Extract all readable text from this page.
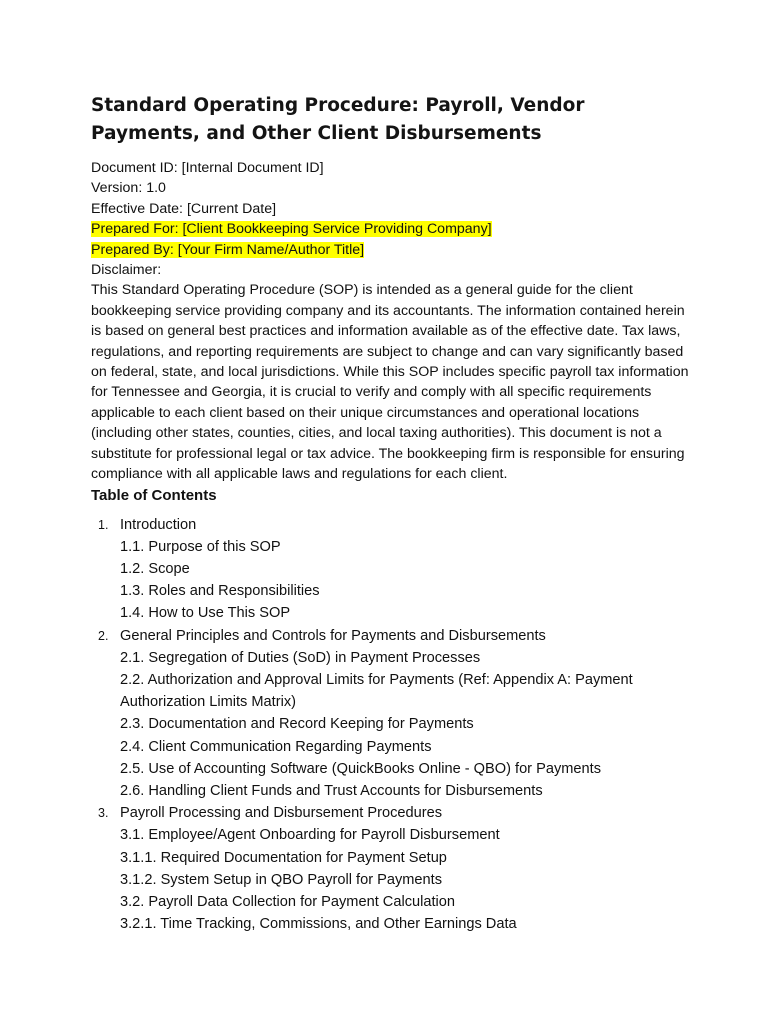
Standard Operating Procedure: Payroll, Vendor Payments, and Other Client Disbursements

Document ID: [Internal Document ID]

Version: 1.0

Effective Date: [Current Date]

Prepared For: [Client Bookkeeping Service Providing Company]

Prepared By: [Your Firm Name/Author Title]

Disclaimer:

This Standard Operating Procedure (SOP) is intended as a general guide for the client bookkeeping service providing company and its accountants. The information contained herein is based on general best practices and information available as of the effective date. Tax laws, regulations, and reporting requirements are subject to change and can vary significantly based on federal, state, and local jurisdictions. While this SOP includes specific payroll tax information for Tennessee and Georgia, it is crucial to verify and comply with all specific requirements applicable to each client based on their unique circumstances and operational locations (including other states, counties, cities, and local taxing authorities). This document is not a substitute for professional legal or tax advice. The bookkeeping firm is responsible for ensuring compliance with all applicable laws and regulations for each client.

Table of Contents
1. Introduction
1.1. Purpose of this SOP
1.2. Scope
1.3. Roles and Responsibilities
1.4. How to Use This SOP
2. General Principles and Controls for Payments and Disbursements
2.1. Segregation of Duties (SoD) in Payment Processes
2.2. Authorization and Approval Limits for Payments (Ref: Appendix A: Payment Authorization Limits Matrix)
2.3. Documentation and Record Keeping for Payments
2.4. Client Communication Regarding Payments
2.5. Use of Accounting Software (QuickBooks Online - QBO) for Payments
2.6. Handling Client Funds and Trust Accounts for Disbursements
3. Payroll Processing and Disbursement Procedures
3.1. Employee/Agent Onboarding for Payroll Disbursement
3.1.1. Required Documentation for Payment Setup
3.1.2. System Setup in QBO Payroll for Payments
3.2. Payroll Data Collection for Payment Calculation
3.2.1. Time Tracking, Commissions, and Other Earnings Data
